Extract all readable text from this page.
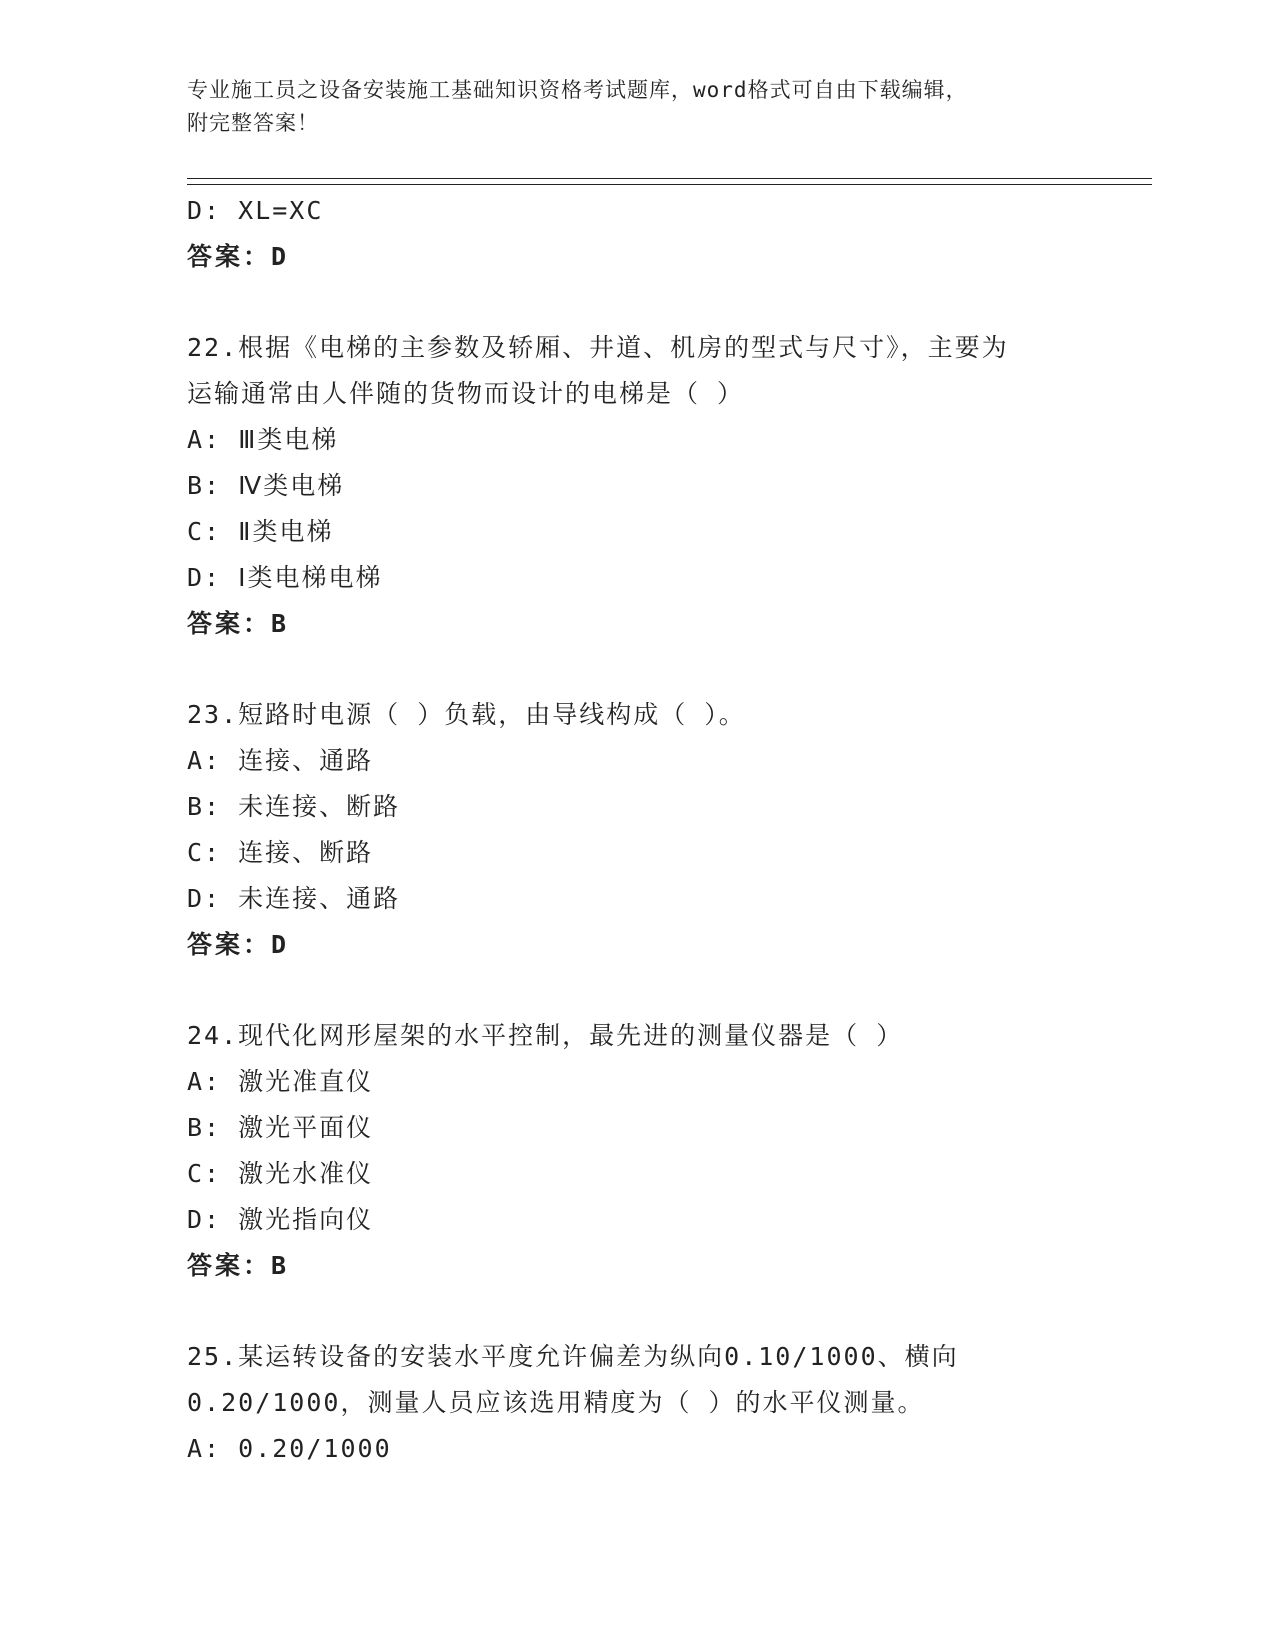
专业施工员之设备安装施工基础知识资格考试题库，word格式可自由下载编辑，
附完整答案！
D: XL=XC
答案：D
22.根据《电梯的主参数及轿厢、井道、机房的型式与尺寸》，主要为
运输通常由人伴随的货物而设计的电梯是（ ）
A: Ⅲ类电梯
B: Ⅳ类电梯
C: Ⅱ类电梯
D: Ⅰ类电梯电梯
答案：B
23.短路时电源（ ）负载，由导线构成（ ）。
A: 连接、通路
B: 未连接、断路
C: 连接、断路
D: 未连接、通路
答案：D
24.现代化网形屋架的水平控制，最先进的测量仪器是（ ）
A: 激光准直仪
B: 激光平面仪
C: 激光水准仪
D: 激光指向仪
答案：B
25.某运转设备的安装水平度允许偏差为纵向0.10/1000、横向
0.20/1000，测量人员应该选用精度为（ ）的水平仪测量。
A: 0.20/1000
